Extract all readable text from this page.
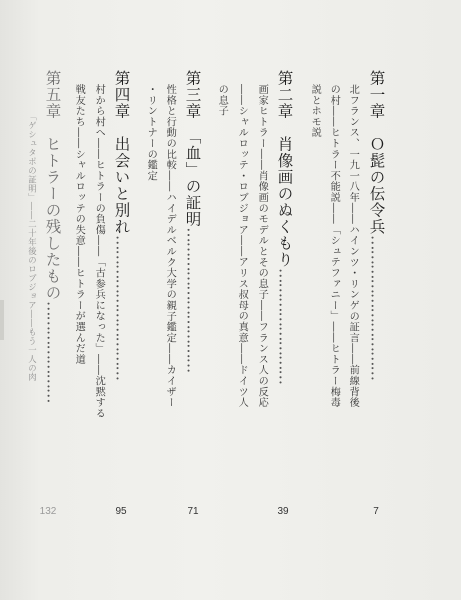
第一章　Ｏ髭の伝令兵…………………………
北フランス、一九一八年――ハインツ・リンゲの証言――前線背後
の村――ヒトラー不能説――「シュテファニー」――ヒトラー梅毒
説とホモ説
7
第二章　肖像画のぬくもり……………………
画家ヒトラー――肖像画のモデルとその息子――フランス人の反応
――シャルロッテ・ロブジョア――アリス叔母の真意――ドイツ人
の息子
39
第三章　「血」の証明…………………………
性格と行動の比較――ハイデルベルク大学の親子鑑定――カイザー
・リントナーの鑑定
71
第四章　出会いと別れ…………………………
村から村へ――ヒトラーの負傷――「古参兵になった」――沈黙する
戦友たち――シャルロッテの失意――ヒトラーが選んだ道
95
第五章　ヒトラーの残したもの…………………
「ゲシュタポの証明」――二十年後のロブジョア――もう一人の肉
132
